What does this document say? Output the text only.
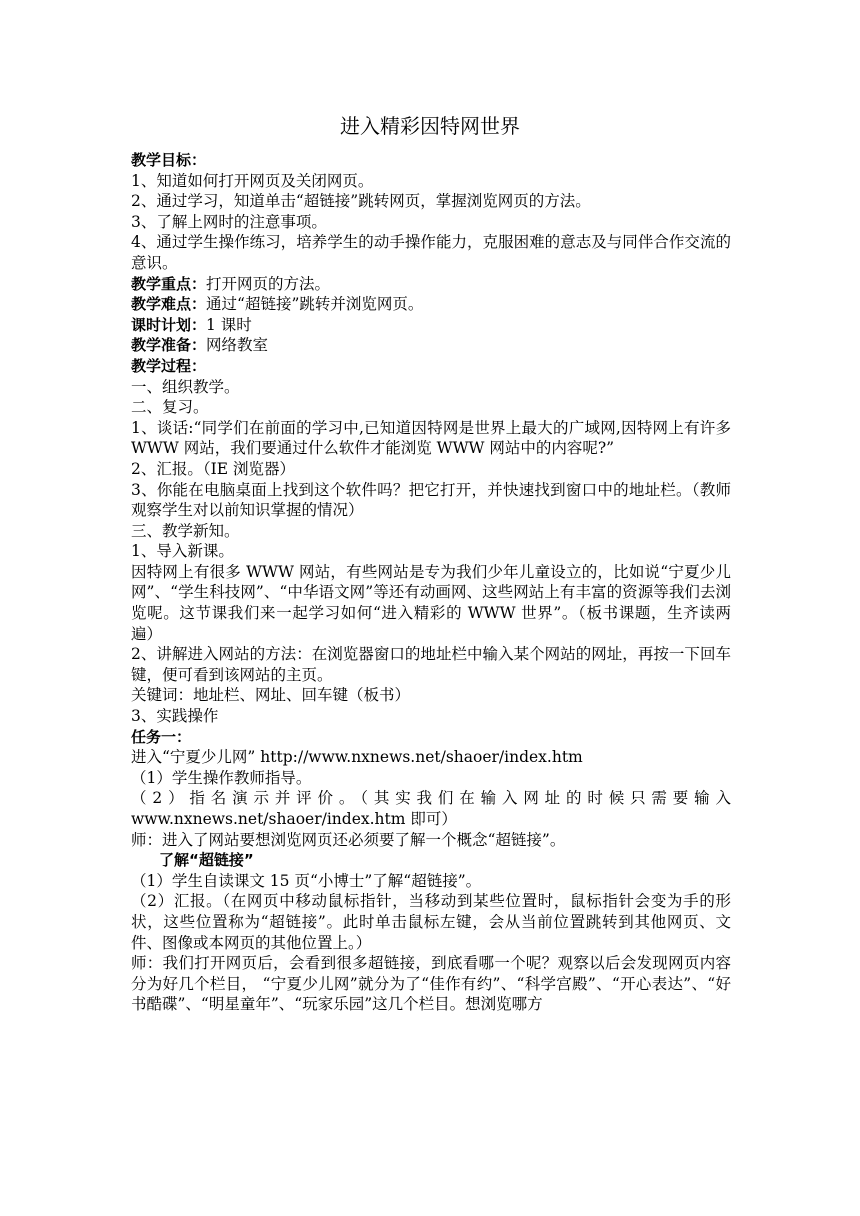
进入精彩因特网世界
教学目标：
1、知道如何打开网页及关闭网页。
2、通过学习，知道单击“超链接”跳转网页，掌握浏览网页的方法。
3、了解上网时的注意事项。
4、通过学生操作练习，培养学生的动手操作能力，克服困难的意志及与同伴合作交流的意识。
教学重点：打开网页的方法。
教学难点：通过“超链接”跳转并浏览网页。
课时计划：1 课时
教学准备：网络教室
教学过程：
一、组织教学。
二、复习。
1、谈话:“同学们在前面的学习中,已知道因特网是世界上最大的广域网,因特网上有许多 WWW 网站，我们要通过什么软件才能浏览 WWW 网站中的内容呢?”
2、汇报。（IE 浏览器）
3、你能在电脑桌面上找到这个软件吗？把它打开，并快速找到窗口中的地址栏。（教师观察学生对以前知识掌握的情况）
三、教学新知。
1、导入新课。
因特网上有很多 WWW 网站，有些网站是专为我们少年儿童设立的，比如说“宁夏少儿网”、“学生科技网”、“中华语文网”等还有动画网、这些网站上有丰富的资源等我们去浏览呢。这节课我们来一起学习如何“进入精彩的 WWW 世界”。（板书课题，生齐读两遍）
2、讲解进入网站的方法：在浏览器窗口的地址栏中输入某个网站的网址，再按一下回车键，便可看到该网站的主页。
关键词：地址栏、网址、回车键（板书）
3、实践操作
任务一：
进入“宁夏少儿网” http://www.nxnews.net/shaoer/index.htm
（1）学生操作教师指导。
（2）指名演示并评价。（其实我们在输入网址的时候只需要输入
www.nxnews.net/shaoer/index.htm 即可）
师：进入了网站要想浏览网页还必须要了解一个概念“超链接”。
了解“超链接”
（1）学生自读课文 15 页“小博士”了解“超链接”。
（2）汇报。（在网页中移动鼠标指针，当移动到某些位置时，鼠标指针会变为手的形状，这些位置称为“超链接”。此时单击鼠标左键，会从当前位置跳转到其他网页、文件、图像或本网页的其他位置上。）
师：我们打开网页后，会看到很多超链接，到底看哪一个呢？观察以后会发现网页内容分为好几个栏目， “宁夏少儿网”就分为了“佳作有约”、“科学宫殿”、“开心表达”、“好书酷碟”、“明星童年”、“玩家乐园”这几个栏目。想浏览哪方
